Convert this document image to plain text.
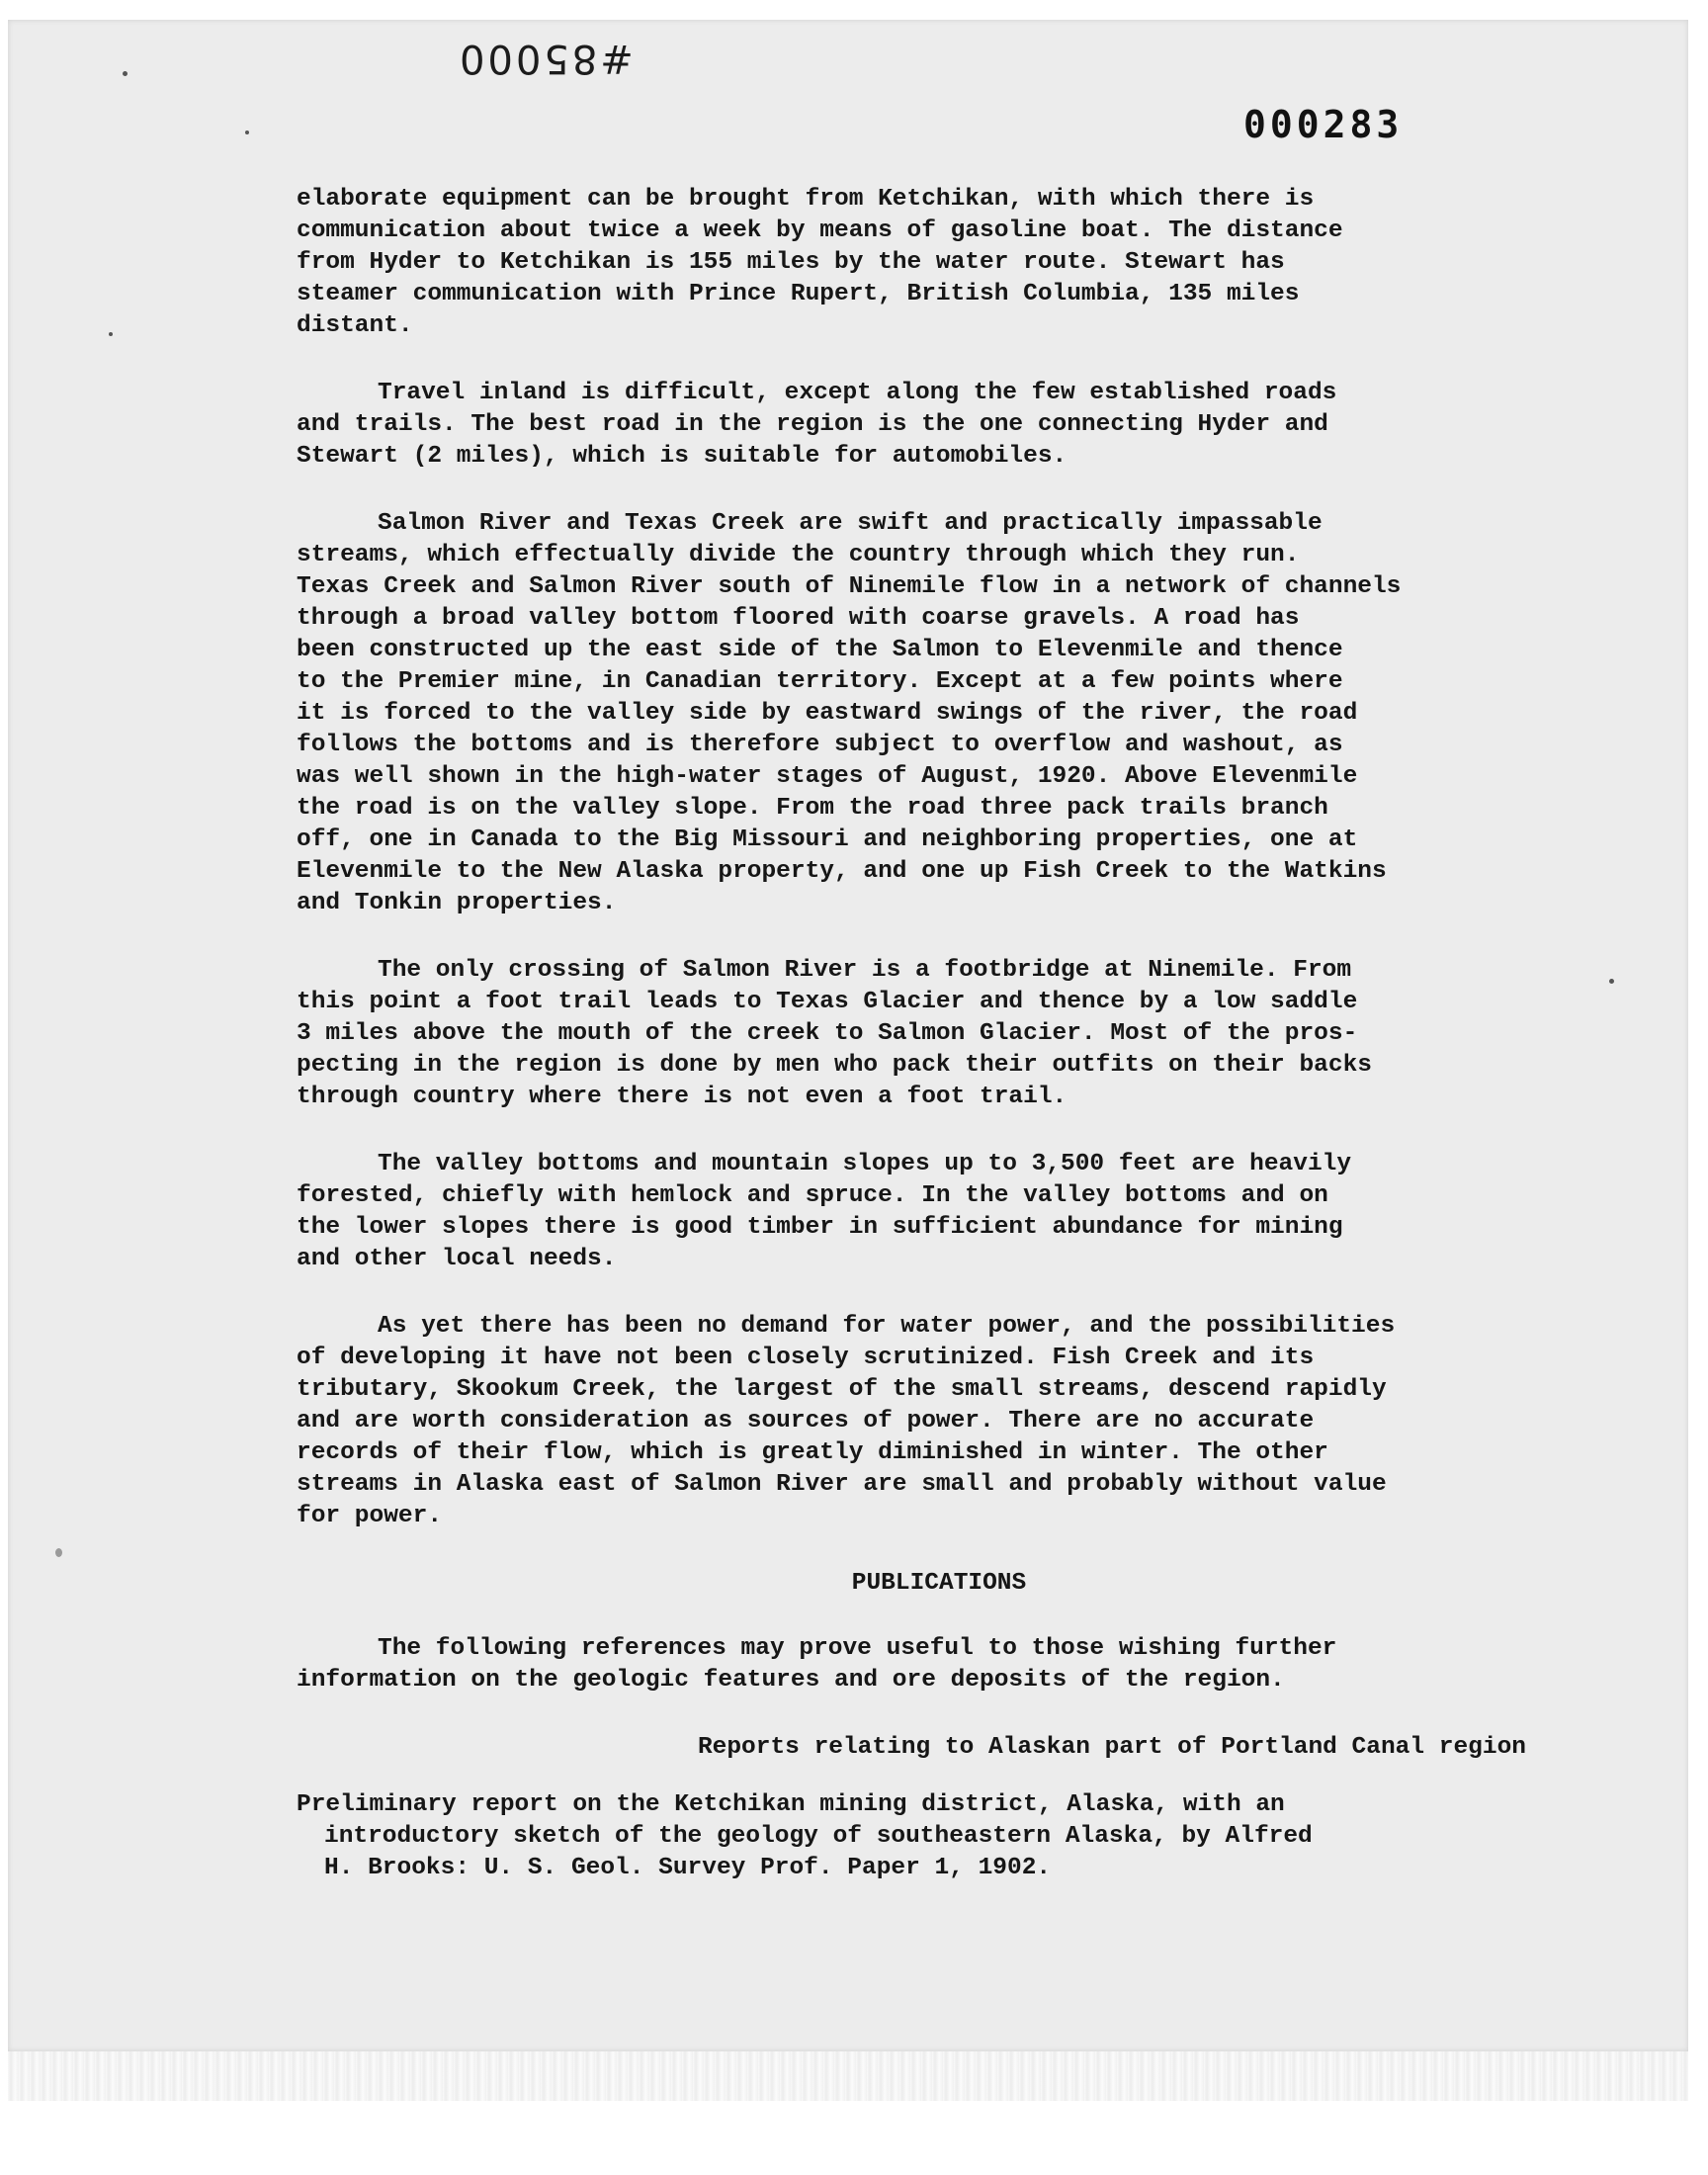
#85000
000283

elaborate equipment can be brought from Ketchikan, with which there is
communication about twice a week by means of gasoline boat. The distance
from Hyder to Ketchikan is 155 miles by the water route. Stewart has
steamer communication with Prince Rupert, British Columbia, 135 miles
distant.

Travel inland is difficult, except along the few established roads
and trails. The best road in the region is the one connecting Hyder and
Stewart (2 miles), which is suitable for automobiles.

Salmon River and Texas Creek are swift and practically impassable
streams, which effectually divide the country through which they run.
Texas Creek and Salmon River south of Ninemile flow in a network of channels
through a broad valley bottom floored with coarse gravels. A road has
been constructed up the east side of the Salmon to Elevenmile and thence
to the Premier mine, in Canadian territory. Except at a few points where
it is forced to the valley side by eastward swings of the river, the road
follows the bottoms and is therefore subject to overflow and washout, as
was well shown in the high-water stages of August, 1920. Above Elevenmile
the road is on the valley slope. From the road three pack trails branch
off, one in Canada to the Big Missouri and neighboring properties, one at
Elevenmile to the New Alaska property, and one up Fish Creek to the Watkins
and Tonkin properties.

The only crossing of Salmon River is a footbridge at Ninemile. From
this point a foot trail leads to Texas Glacier and thence by a low saddle
3 miles above the mouth of the creek to Salmon Glacier. Most of the pros-
pecting in the region is done by men who pack their outfits on their backs
through country where there is not even a foot trail.

The valley bottoms and mountain slopes up to 3,500 feet are heavily
forested, chiefly with hemlock and spruce. In the valley bottoms and on
the lower slopes there is good timber in sufficient abundance for mining
and other local needs.

As yet there has been no demand for water power, and the possibilities
of developing it have not been closely scrutinized. Fish Creek and its
tributary, Skookum Creek, the largest of the small streams, descend rapidly
and are worth consideration as sources of power. There are no accurate
records of their flow, which is greatly diminished in winter. The other
streams in Alaska east of Salmon River are small and probably without value
for power.

PUBLICATIONS

The following references may prove useful to those wishing further
information on the geologic features and ore deposits of the region.

Reports relating to Alaskan part of Portland Canal region

Preliminary report on the Ketchikan mining district, Alaska, with an
introductory sketch of the geology of southeastern Alaska, by Alfred
H. Brooks: U. S. Geol. Survey Prof. Paper 1, 1902.
